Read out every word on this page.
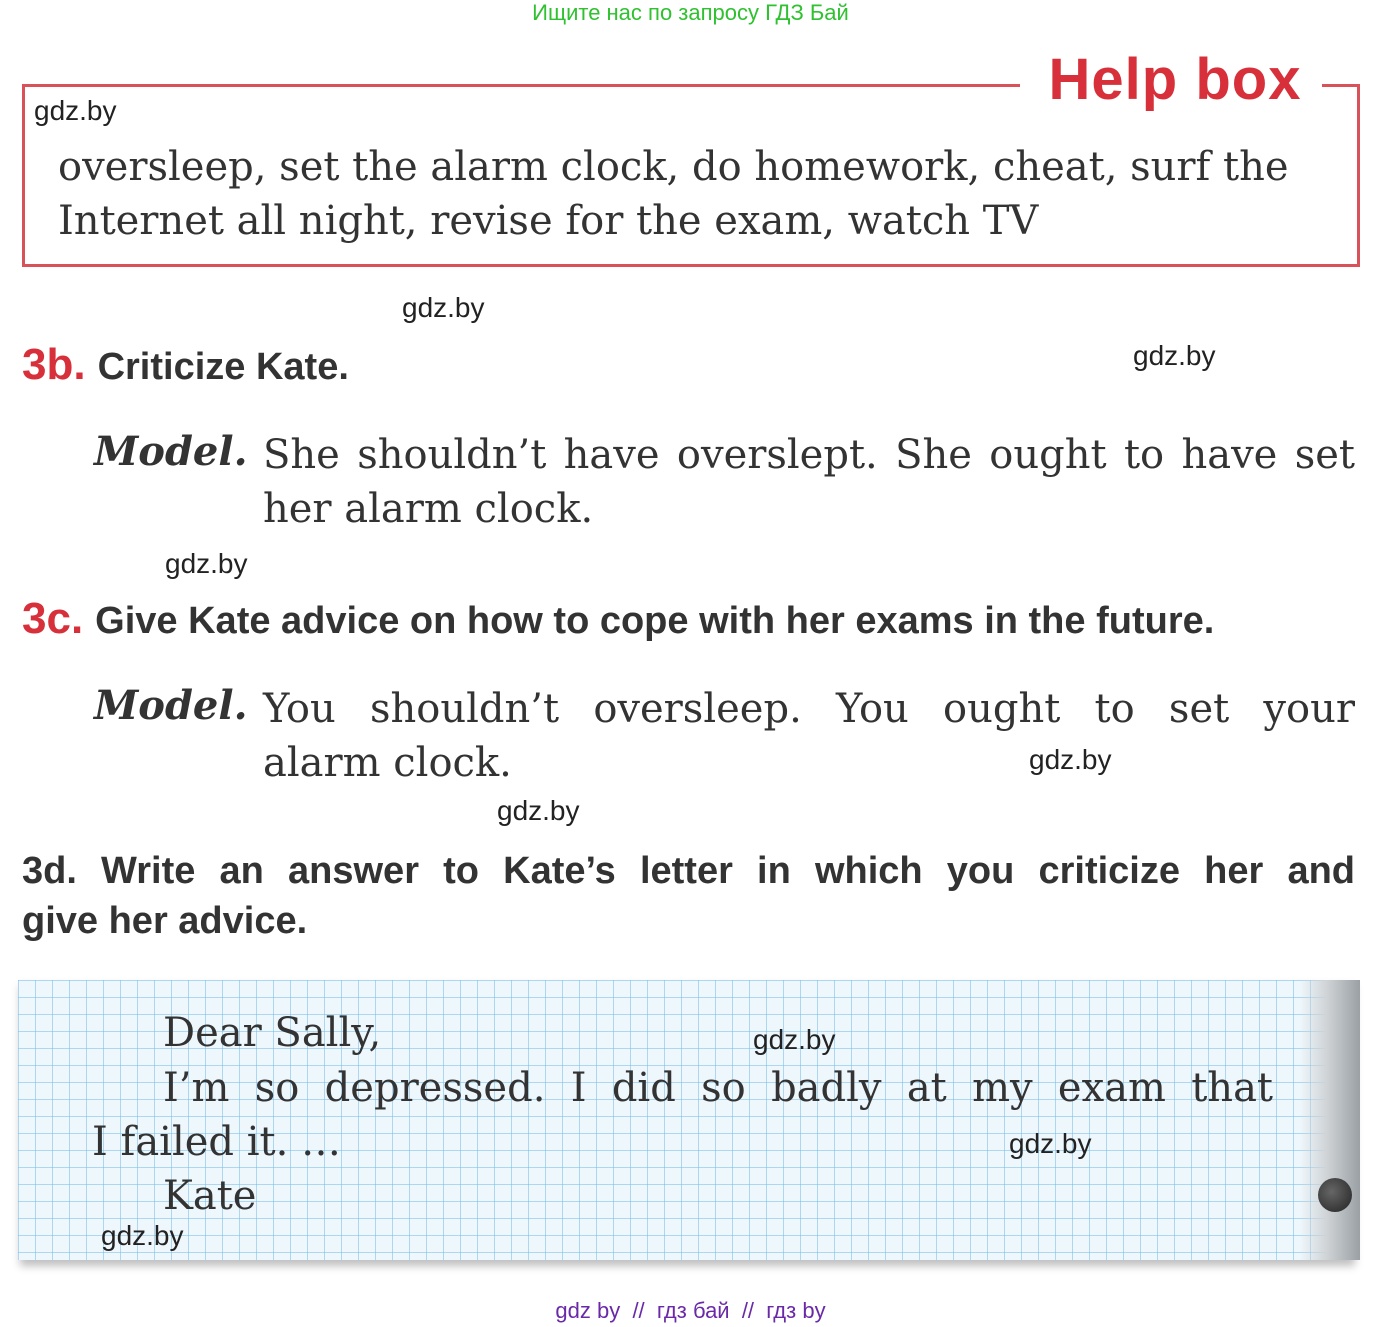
Ищите нас по запросу ГДЗ Бай
Help box
gdz.by
oversleep, set the alarm clock, do homework, cheat, surf the
Internet all night, revise for the exam, watch TV
gdz.by
3b. Criticize Kate.	gdz.by
Model. She shouldn’t have overslept. She ought to have set
her alarm clock.
gdz.by
3c. Give Kate advice on how to cope with her exams in the future.
Model. You shouldn’t oversleep. You ought to set your
alarm clock.	gdz.by
gdz.by
3d. Write an answer to Kate’s letter in which you criticize her and
give her advice.
Dear Sally,	gdz.by
I’m so depressed. I did so badly at my exam that
I failed it. …	gdz.by
Kate
gdz.by
gdz by  //  гдз бай  //  гдз by
